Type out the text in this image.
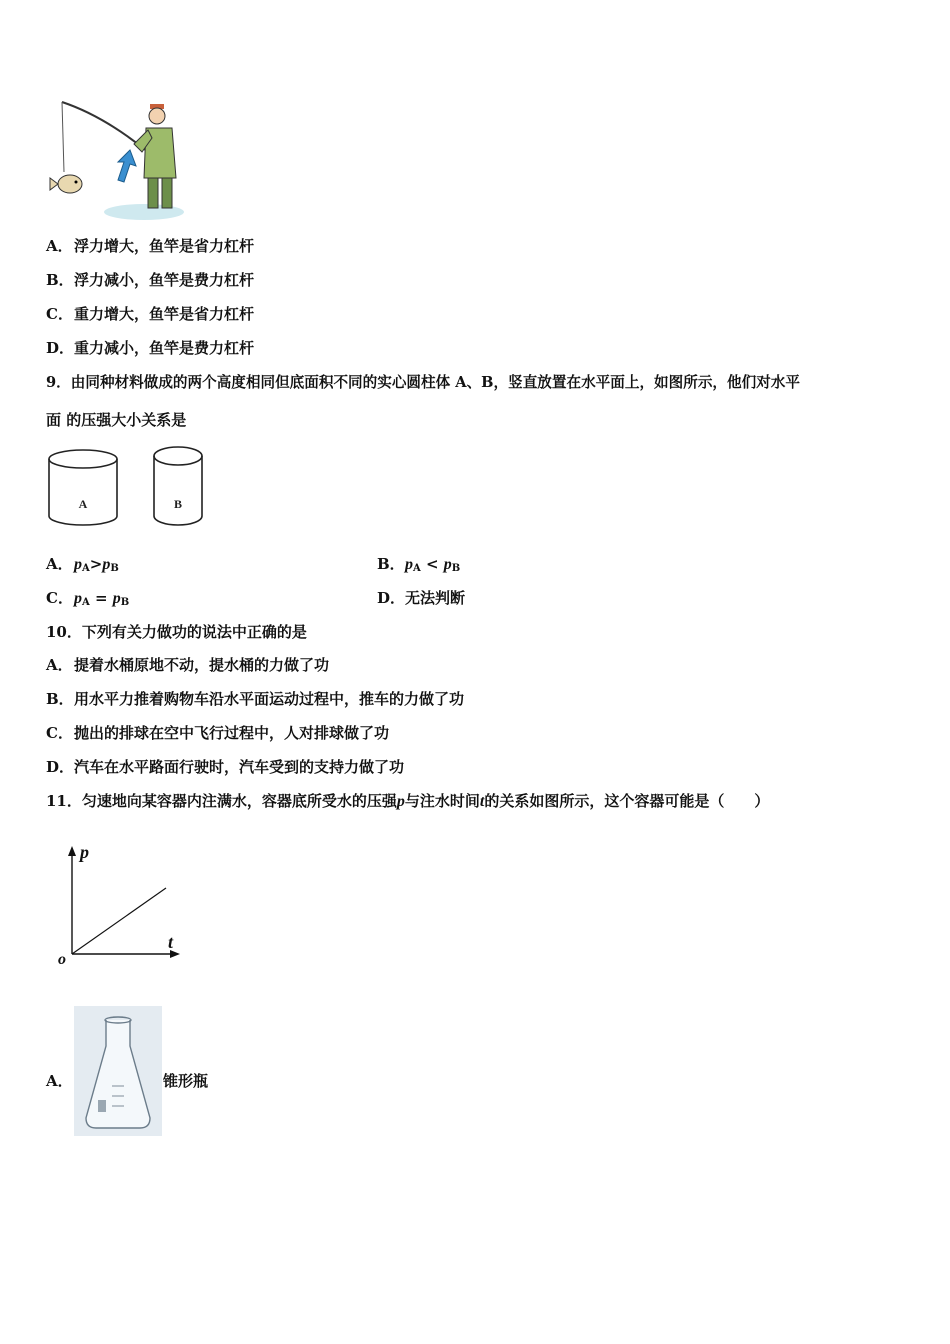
A．浮力增大，鱼竿是省力杠杆
B．浮力减小，鱼竿是费力杠杆
C．重力增大，鱼竿是省力杠杆
D．重力减小，鱼竿是费力杠杆
9．由同种材料做成的两个高度相同但底面积不同的实心圆柱体 A、B，竖直放置在水平面上，如图所示，他们对水平
面 的压强大小关系是
A	B
A．$p_A>p_B$	B．$p_A < p_B$
C．$p_A = p_B$	D．无法判断
10．下列有关力做功的说法中正确的是
A．提着水桶原地不动，提水桶的力做了功
B．用水平力推着购物车沿水平面运动过程中，推车的力做了功
C．抛出的排球在空中飞行过程中，人对排球做了功
D．汽车在水平路面行驶时，汽车受到的支持力做了功
11．匀速地向某容器内注满水，容器底所受水的压强p与注水时间t的关系如图所示，这个容器可能是（　　）
p
t
o
A．	锥形瓶
